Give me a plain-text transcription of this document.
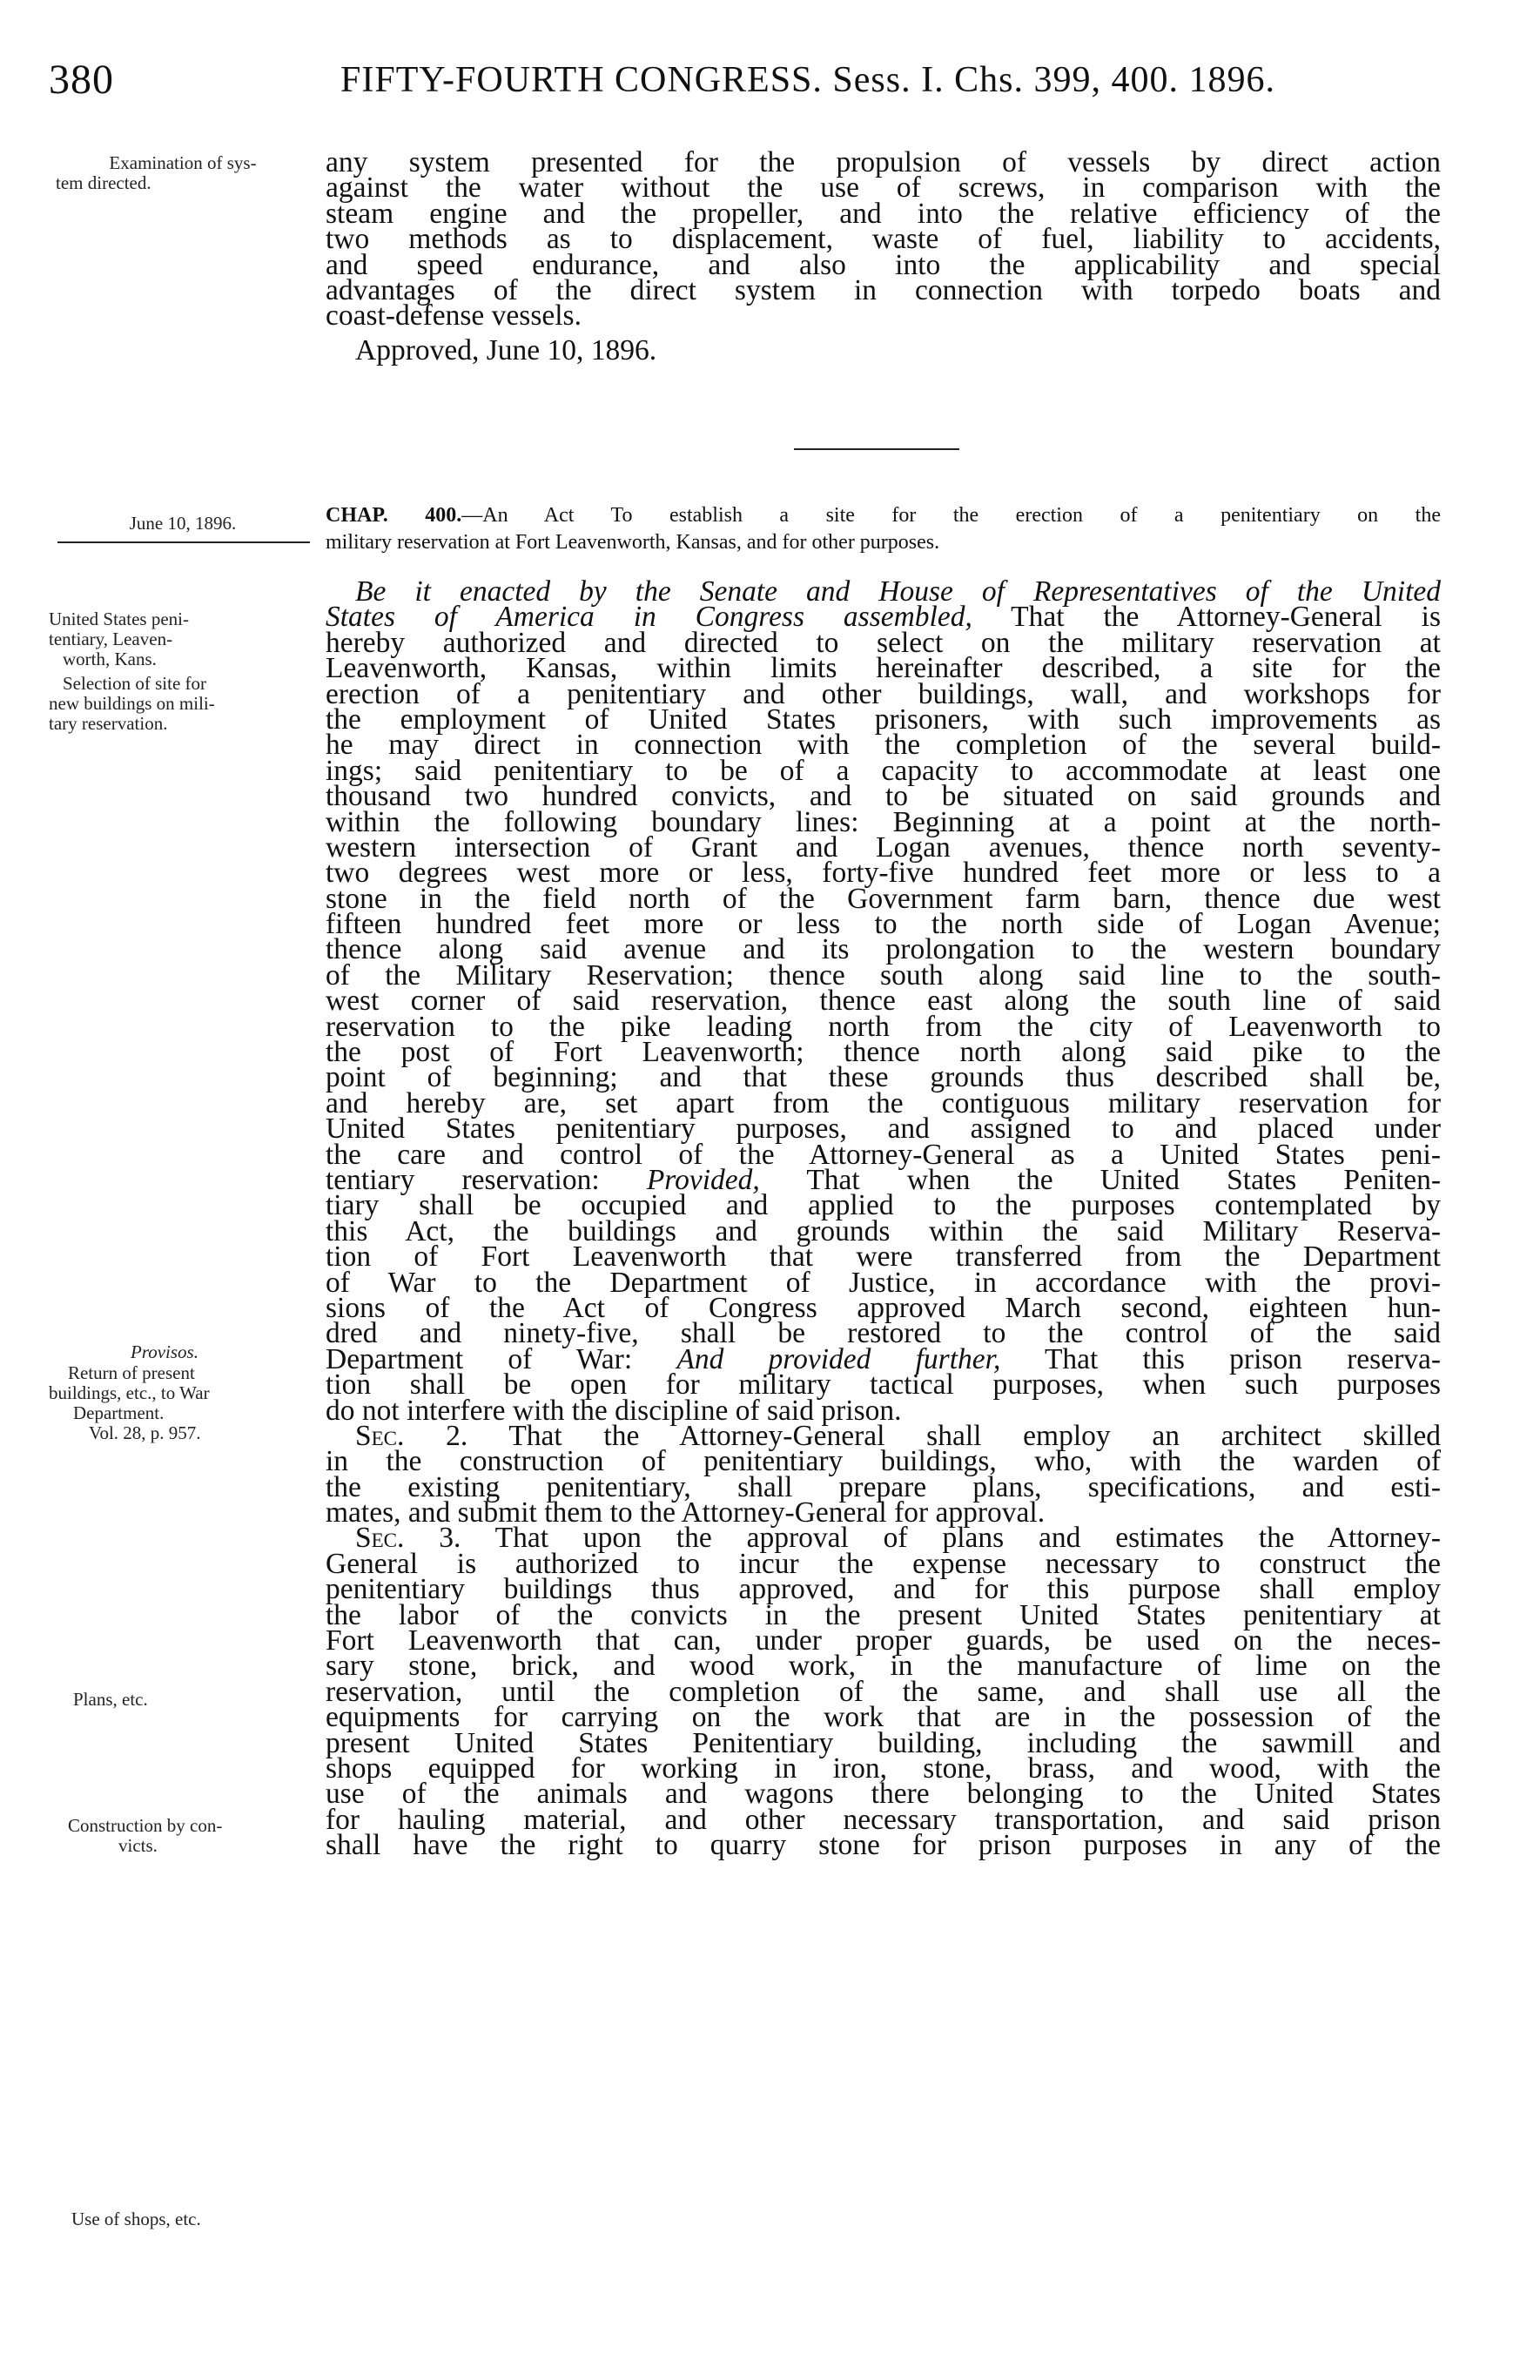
380	FIFTY-FOURTH CONGRESS. Sess. I. Chs. 399, 400. 1896.
Examination of sys-
tem directed.
June 10, 1896.
United States peni-
tentiary, Leaven-
worth, Kans.
Selection of site for
new buildings on mili-
tary reservation.
Provisos.
Return of present
buildings, etc., to War
Department.
Vol. 28, p. 957.
Plans, etc.
Construction by con-
victs.
Use of shops, etc.
any system presented for the propulsion of vessels by direct action
against the water without the use of screws, in comparison with the
steam engine and the propeller, and into the relative efficiency of the
two methods as to displacement, waste of fuel, liability to accidents,
and speed endurance, and also into the applicability and special
advantages of the direct system in connection with torpedo boats and
coast-defense vessels.
Approved, June 10, 1896.
CHAP. 400.—An Act To establish a site for the erection of a penitentiary on the
military reservation at Fort Leavenworth, Kansas, and for other purposes.
Be it enacted by the Senate and House of Representatives of the United
States of America in Congress assembled, That the Attorney-General is
hereby authorized and directed to select on the military reservation at
Leavenworth, Kansas, within limits hereinafter described, a site for the
erection of a penitentiary and other buildings, wall, and workshops for
the employment of United States prisoners, with such improvements as
he may direct in connection with the completion of the several build-
ings; said penitentiary to be of a capacity to accommodate at least one
thousand two hundred convicts, and to be situated on said grounds and
within the following boundary lines: Beginning at a point at the north-
western intersection of Grant and Logan avenues, thence north seventy-
two degrees west more or less, forty-five hundred feet more or less to a
stone in the field north of the Government farm barn, thence due west
fifteen hundred feet more or less to the north side of Logan Avenue;
thence along said avenue and its prolongation to the western boundary
of the Military Reservation; thence south along said line to the south-
west corner of said reservation, thence east along the south line of said
reservation to the pike leading north from the city of Leavenworth to
the post of Fort Leavenworth; thence north along said pike to the
point of beginning; and that these grounds thus described shall be,
and hereby are, set apart from the contiguous military reservation for
United States penitentiary purposes, and assigned to and placed under
the care and control of the Attorney-General as a United States peni-
tentiary reservation: Provided, That when the United States Peniten-
tiary shall be occupied and applied to the purposes contemplated by
this Act, the buildings and grounds within the said Military Reserva-
tion of Fort Leavenworth that were transferred from the Department
of War to the Department of Justice, in accordance with the provi-
sions of the Act of Congress approved March second, eighteen hun-
dred and ninety-five, shall be restored to the control of the said
Department of War: And provided further, That this prison reserva-
tion shall be open for military tactical purposes, when such purposes
do not interfere with the discipline of said prison.
Sec. 2. That the Attorney-General shall employ an architect skilled
in the construction of penitentiary buildings, who, with the warden of
the existing penitentiary, shall prepare plans, specifications, and esti-
mates, and submit them to the Attorney-General for approval.
Sec. 3. That upon the approval of plans and estimates the Attorney-
General is authorized to incur the expense necessary to construct the
penitentiary buildings thus approved, and for this purpose shall employ
the labor of the convicts in the present United States penitentiary at
Fort Leavenworth that can, under proper guards, be used on the neces-
sary stone, brick, and wood work, in the manufacture of lime on the
reservation, until the completion of the same, and shall use all the
equipments for carrying on the work that are in the possession of the
present United States Penitentiary building, including the sawmill and
shops equipped for working in iron, stone, brass, and wood, with the
use of the animals and wagons there belonging to the United States
for hauling material, and other necessary transportation, and said prison
shall have the right to quarry stone for prison purposes in any of the
